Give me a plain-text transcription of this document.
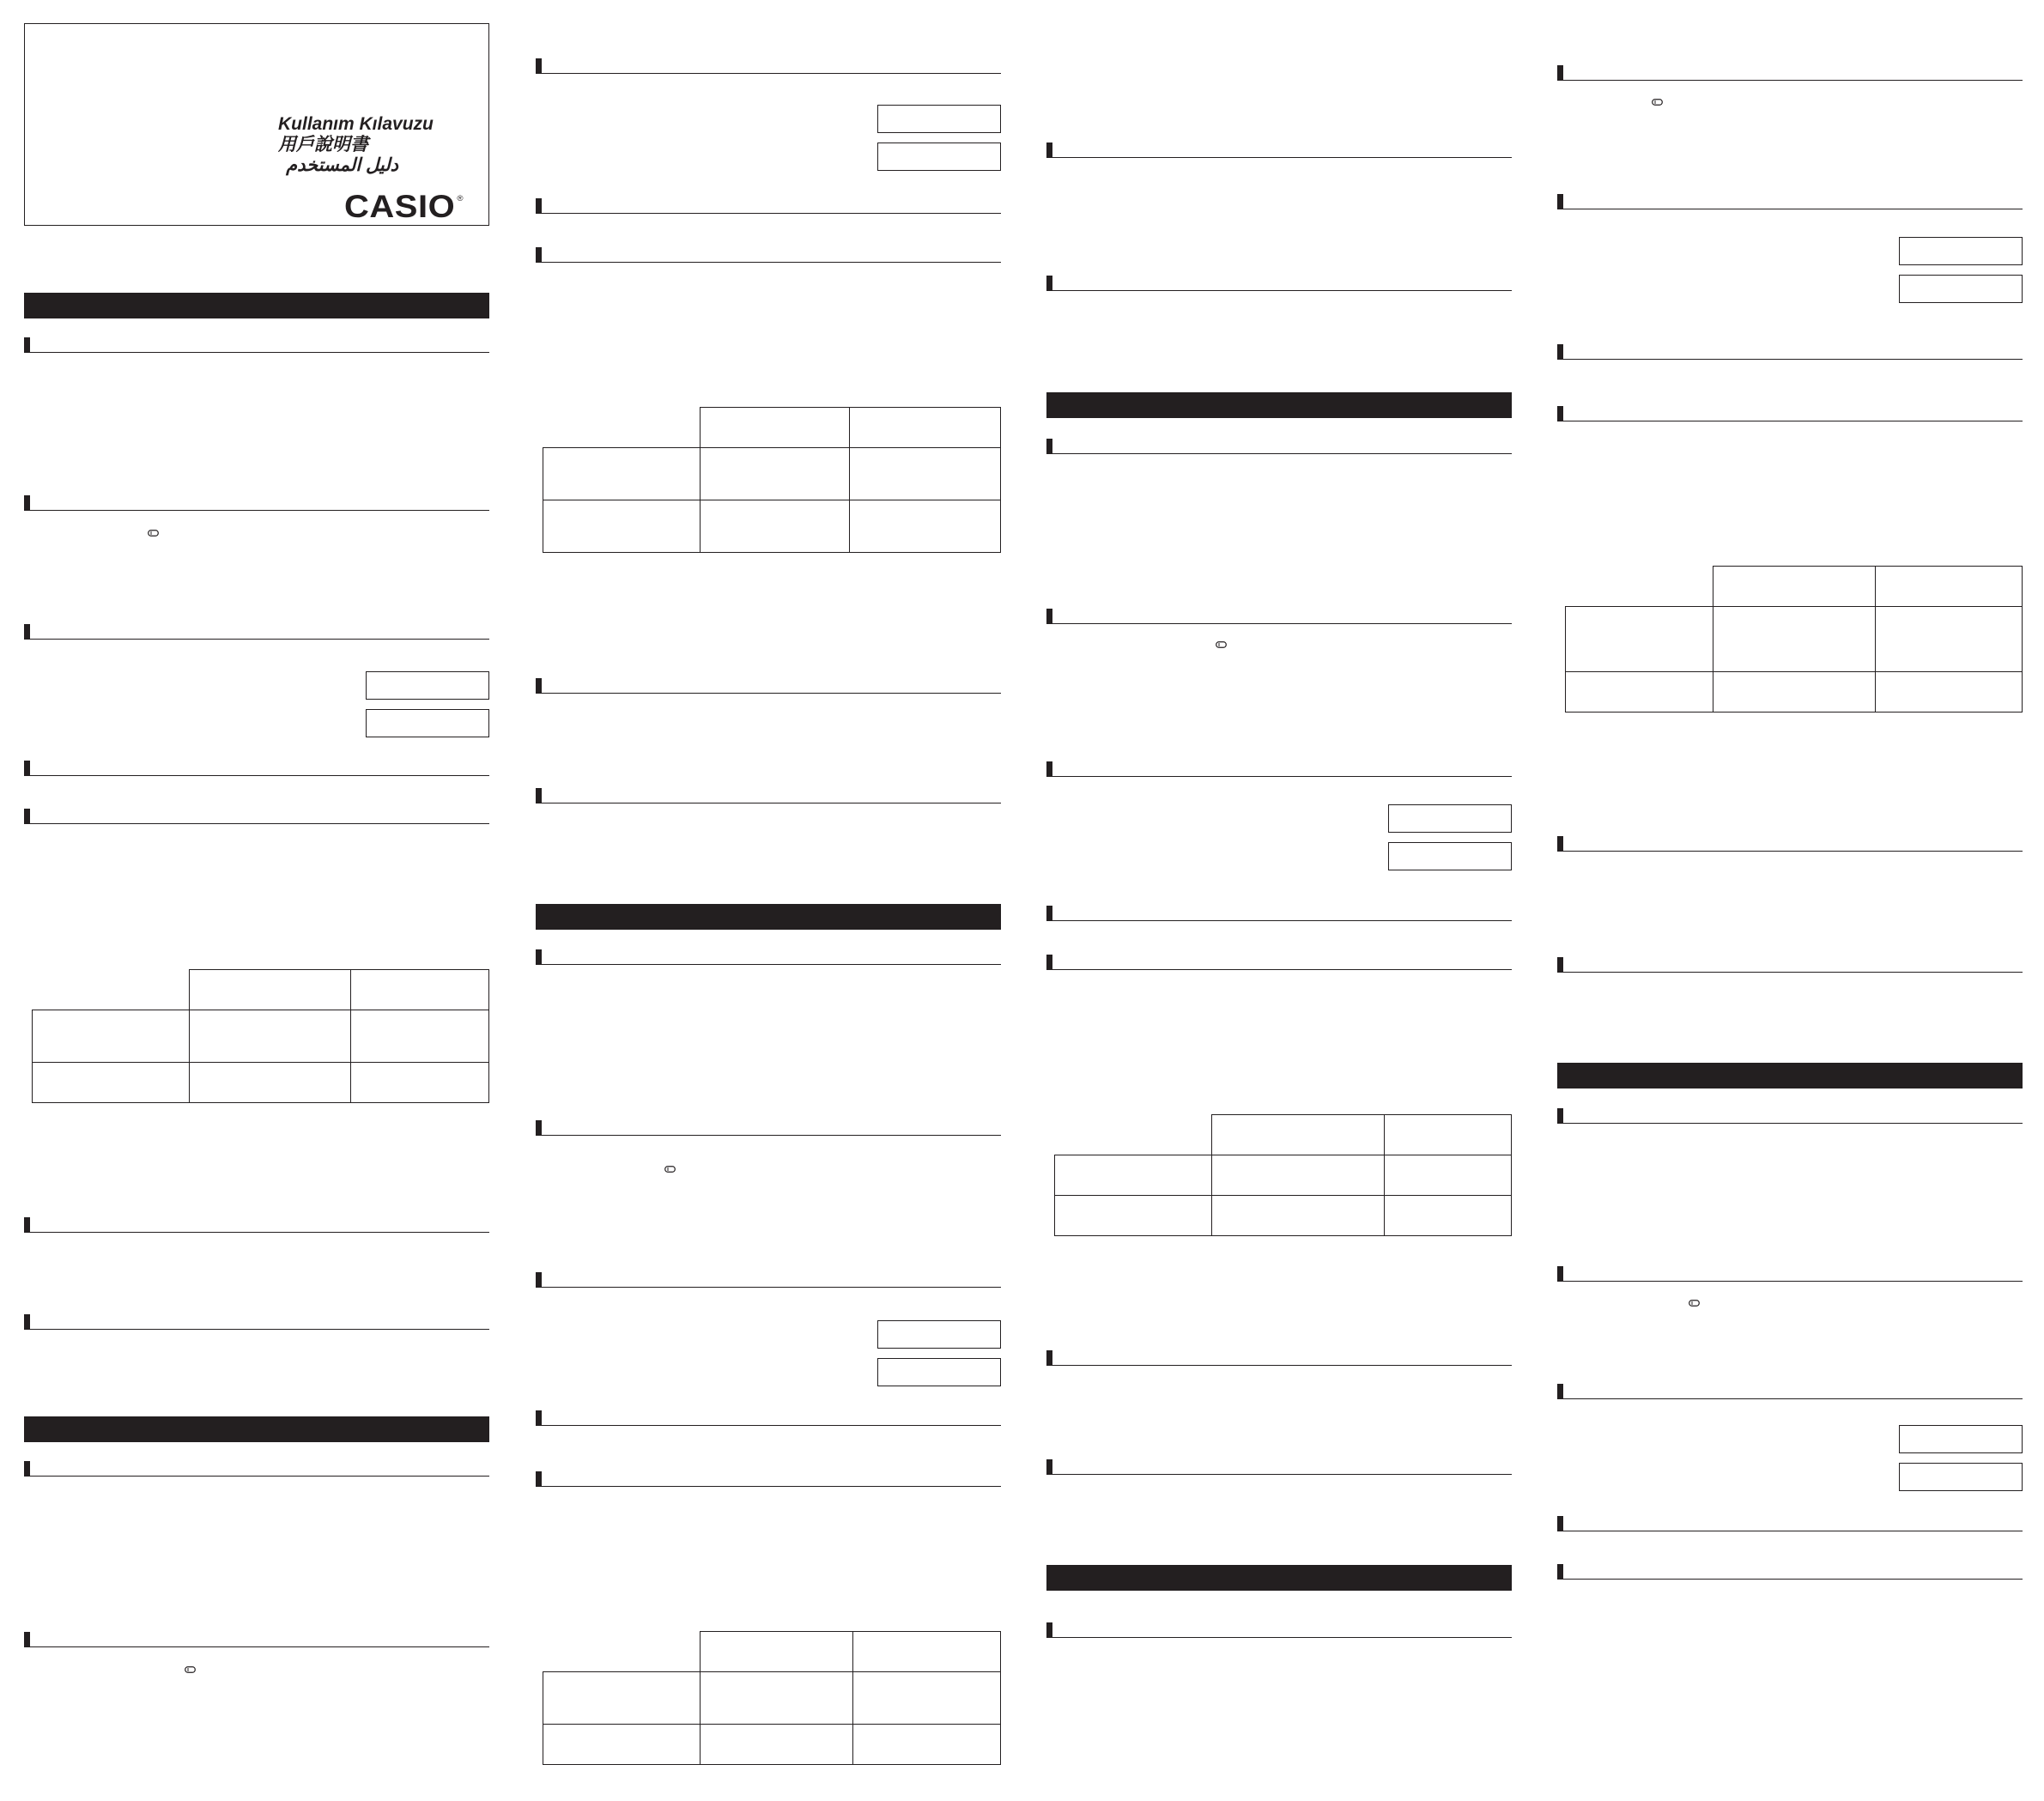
Kullanım Kılavuzu
用戶說明書
دليل المستخدم
CASIO ®
